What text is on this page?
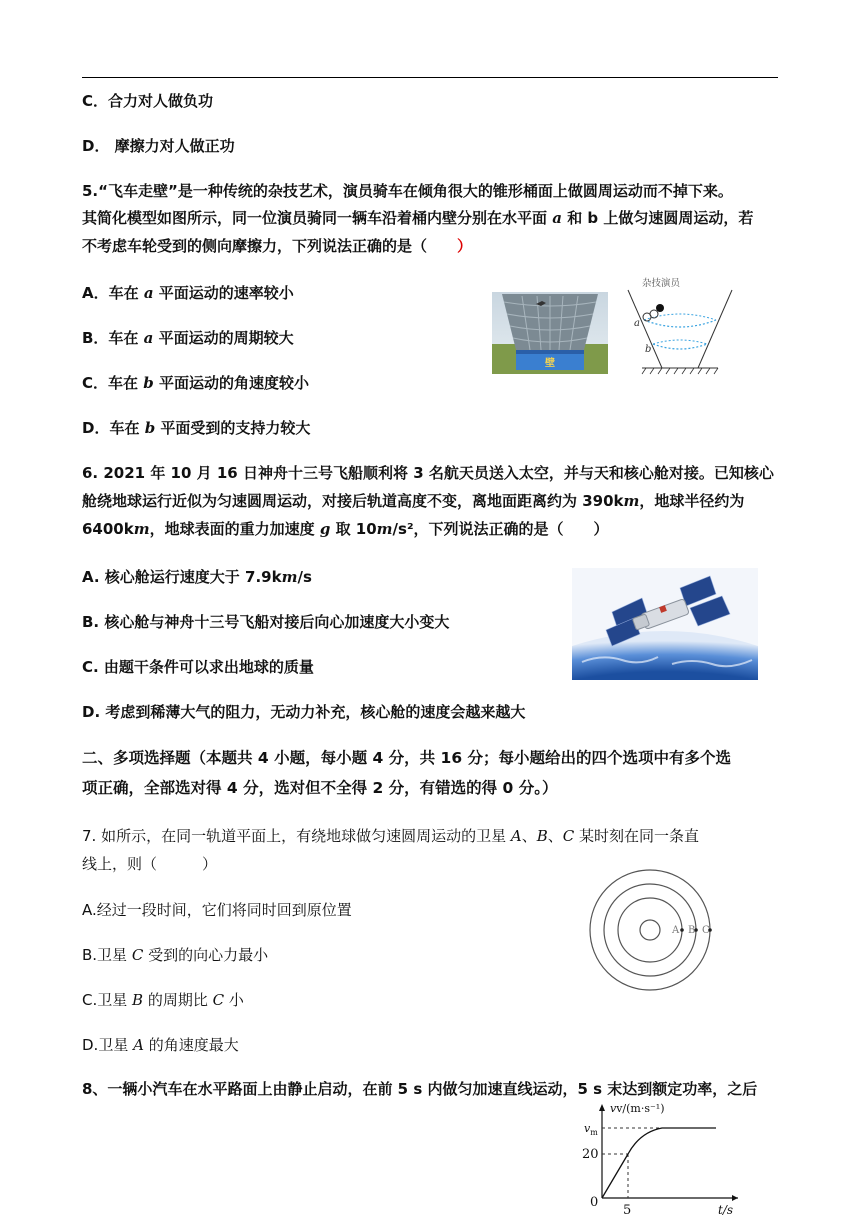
C．合力对人做负功
D． 摩擦力对人做正功
5.“飞车走壁”是一种传统的杂技艺术，演员骑车在倾角很大的锥形桶面上做圆周运动而不掉下来。
其简化模型如图所示，同一位演员骑同一辆车沿着桶内壁分别在水平面 a 和 b 上做匀速圆周运动，若
不考虑车轮受到的侧向摩擦力，下列说法正确的是（ ）
A．车在 a 平面运动的速率较小
B．车在 a 平面运动的周期较大
C．车在 b 平面运动的角速度较小
D．车在 b 平面受到的支持力较大
壁
杂技演员
a
b
6. 2021 年 10 月 16 日神舟十三号飞船顺利将 3 名航天员送入太空，并与天和核心舱对接。已知核心
舱绕地球运行近似为匀速圆周运动，对接后轨道高度不变，离地面距离约为 390km，地球半径约为
6400km，地球表面的重力加速度 g 取 10m/s²，下列说法正确的是（　　）
A. 核心舱运行速度大于 7.9km/s
B. 核心舱与神舟十三号飞船对接后向心加速度大小变大
C. 由题干条件可以求出地球的质量
D. 考虑到稀薄大气的阻力，无动力补充，核心舱的速度会越来越大
二、多项选择题（本题共 4 小题，每小题 4 分，共 16 分；每小题给出的四个选项中有多个选
项正确，全部选对得 4 分，选对但不全得 2 分，有错选的得 0 分。）
7. 如所示，在同一轨道平面上，有绕地球做匀速圆周运动的卫星 A、B、C 某时刻在同一条直
线上，则（　　　）
A.经过一段时间，它们将同时回到原位置
B.卫星 C 受到的向心力最小
C.卫星 B 的周期比 C 小
D.卫星 A 的角速度最大
A B C
8、一辆小汽车在水平路面上由静止启动，在前 5 s 内做匀加速直线运动，5 s 末达到额定功率，之后
vv/(m·s⁻¹)
$v_m$
20
0
5	t/s
